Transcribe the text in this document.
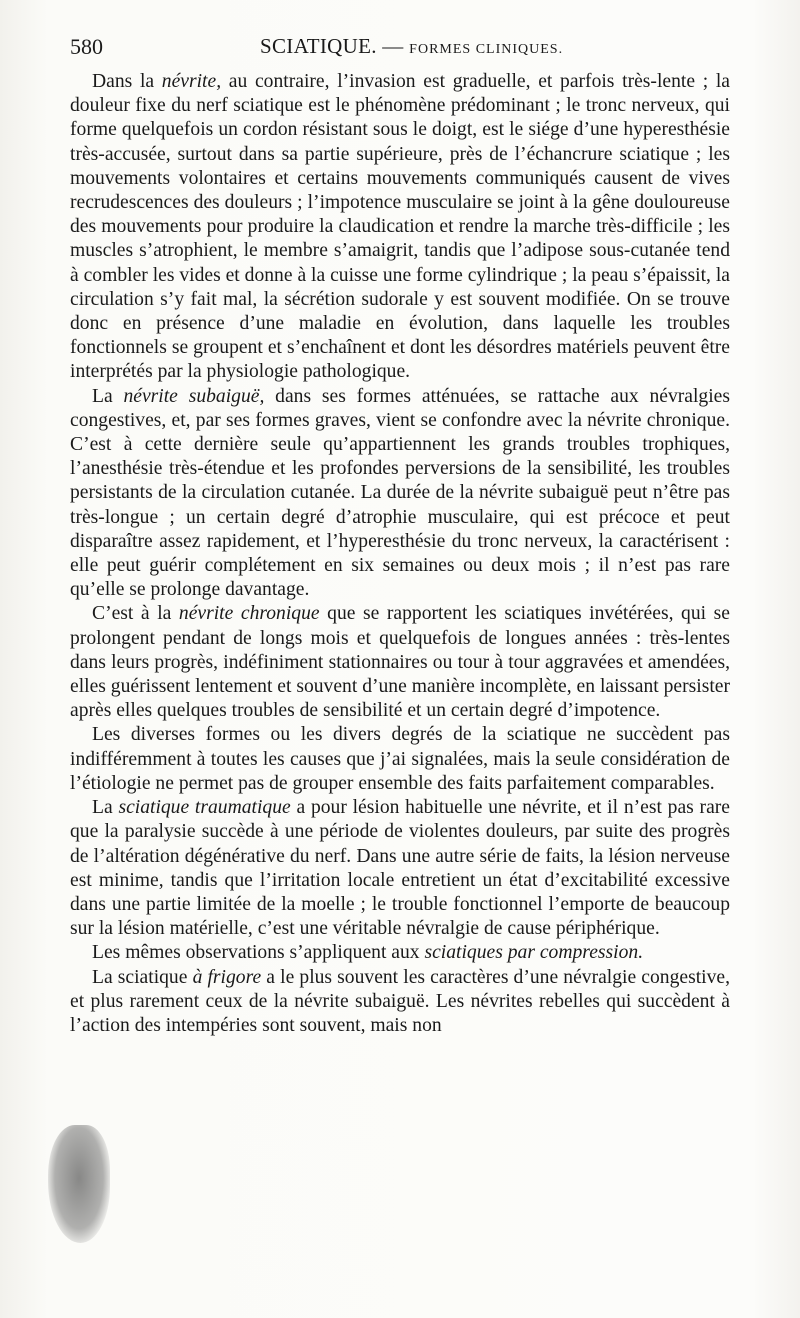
580	SCIATIQUE. — FORMES CLINIQUES.

Dans la névrite, au contraire, l’invasion est graduelle, et parfois très-lente ; la douleur fixe du nerf sciatique est le phénomène prédominant ; le tronc nerveux, qui forme quelquefois un cordon résistant sous le doigt, est le siége d’une hyperesthésie très-accusée, surtout dans sa partie supérieure, près de l’échancrure sciatique ; les mouvements volontaires et certains mouvements communiqués causent de vives recrudescences des douleurs ; l’impotence musculaire se joint à la gêne douloureuse des mouvements pour produire la claudication et rendre la marche très-difficile ; les muscles s’atrophient, le membre s’amaigrit, tandis que l’adipose sous-cutanée tend à combler les vides et donne à la cuisse une forme cylindrique ; la peau s’épaissit, la circulation s’y fait mal, la sécrétion sudorale y est souvent modifiée. On se trouve donc en présence d’une maladie en évolution, dans laquelle les troubles fonctionnels se groupent et s’enchaînent et dont les désordres matériels peuvent être interprétés par la physiologie pathologique.

La névrite subaiguë, dans ses formes atténuées, se rattache aux névralgies congestives, et, par ses formes graves, vient se confondre avec la névrite chronique. C’est à cette dernière seule qu’appartiennent les grands troubles trophiques, l’anesthésie très-étendue et les profondes perversions de la sensibilité, les troubles persistants de la circulation cutanée. La durée de la névrite subaiguë peut n’être pas très-longue ; un certain degré d’atrophie musculaire, qui est précoce et peut disparaître assez rapidement, et l’hyperesthésie du tronc nerveux, la caractérisent : elle peut guérir complétement en six semaines ou deux mois ; il n’est pas rare qu’elle se prolonge davantage.

C’est à la névrite chronique que se rapportent les sciatiques invétérées, qui se prolongent pendant de longs mois et quelquefois de longues années : très-lentes dans leurs progrès, indéfiniment stationnaires ou tour à tour aggravées et amendées, elles guérissent lentement et souvent d’une manière incomplète, en laissant persister après elles quelques troubles de sensibilité et un certain degré d’impotence.

Les diverses formes ou les divers degrés de la sciatique ne succèdent pas indifféremment à toutes les causes que j’ai signalées, mais la seule considération de l’étiologie ne permet pas de grouper ensemble des faits parfaitement comparables.

La sciatique traumatique a pour lésion habituelle une névrite, et il n’est pas rare que la paralysie succède à une période de violentes douleurs, par suite des progrès de l’altération dégénérative du nerf. Dans une autre série de faits, la lésion nerveuse est minime, tandis que l’irritation locale entretient un état d’excitabilité excessive dans une partie limitée de la moelle ; le trouble fonctionnel l’emporte de beaucoup sur la lésion matérielle, c’est une véritable névralgie de cause périphérique.

Les mêmes observations s’appliquent aux sciatiques par compression.

La sciatique à frigore a le plus souvent les caractères d’une névralgie congestive, et plus rarement ceux de la névrite subaiguë. Les névrites rebelles qui succèdent à l’action des intempéries sont souvent, mais non
